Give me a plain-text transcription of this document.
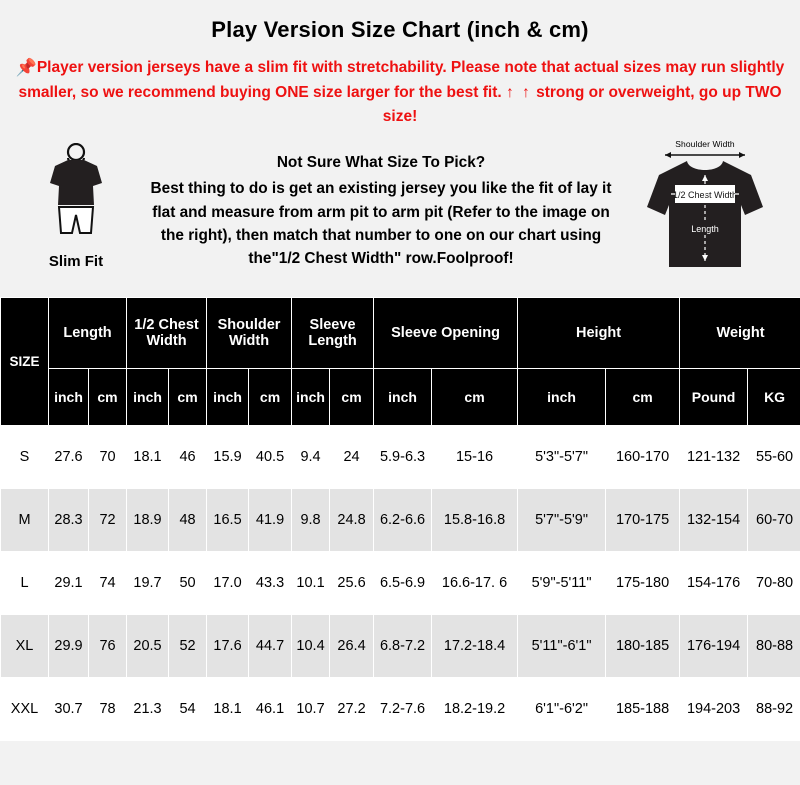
Play Version Size Chart (inch & cm)
📌Player version jerseys have a slim fit with stretchability. Please note that actual sizes may run slightly smaller, so we recommend buying ONE size larger for the best fit. ↑ ↑ strong or overweight, go up TWO size!
Slim Fit
Not Sure What Size To Pick?
Best thing to do is get an existing jersey you like the fit of lay it flat and measure from arm pit to arm pit (Refer to the image on the right), then match that number to one on our chart using the"1/2 Chest Width" row.Foolproof!
Shoulder Width
1/2 Chest Width
Length
SIZE	Length		1/2 Chest Width		Shoulder Width		Sleeve Length		Sleeve Opening		Height		Weight	
	inch	cm	inch	cm	inch	cm	inch	cm	inch	cm	inch	cm	Pound	KG
S	27.6	70	18.1	46	15.9	40.5	9.4	24	5.9-6.3	15-16	5'3"-5'7"	160-170	121-132	55-60
M	28.3	72	18.9	48	16.5	41.9	9.8	24.8	6.2-6.6	15.8-16.8	5'7"-5'9"	170-175	132-154	60-70
L	29.1	74	19.7	50	17.0	43.3	10.1	25.6	6.5-6.9	16.6-17. 6	5'9"-5'11"	175-180	154-176	70-80
XL	29.9	76	20.5	52	17.6	44.7	10.4	26.4	6.8-7.2	17.2-18.4	5'11"-6'1"	180-185	176-194	80-88
XXL	30.7	78	21.3	54	18.1	46.1	10.7	27.2	7.2-7.6	18.2-19.2	6'1"-6'2"	185-188	194-203	88-92
